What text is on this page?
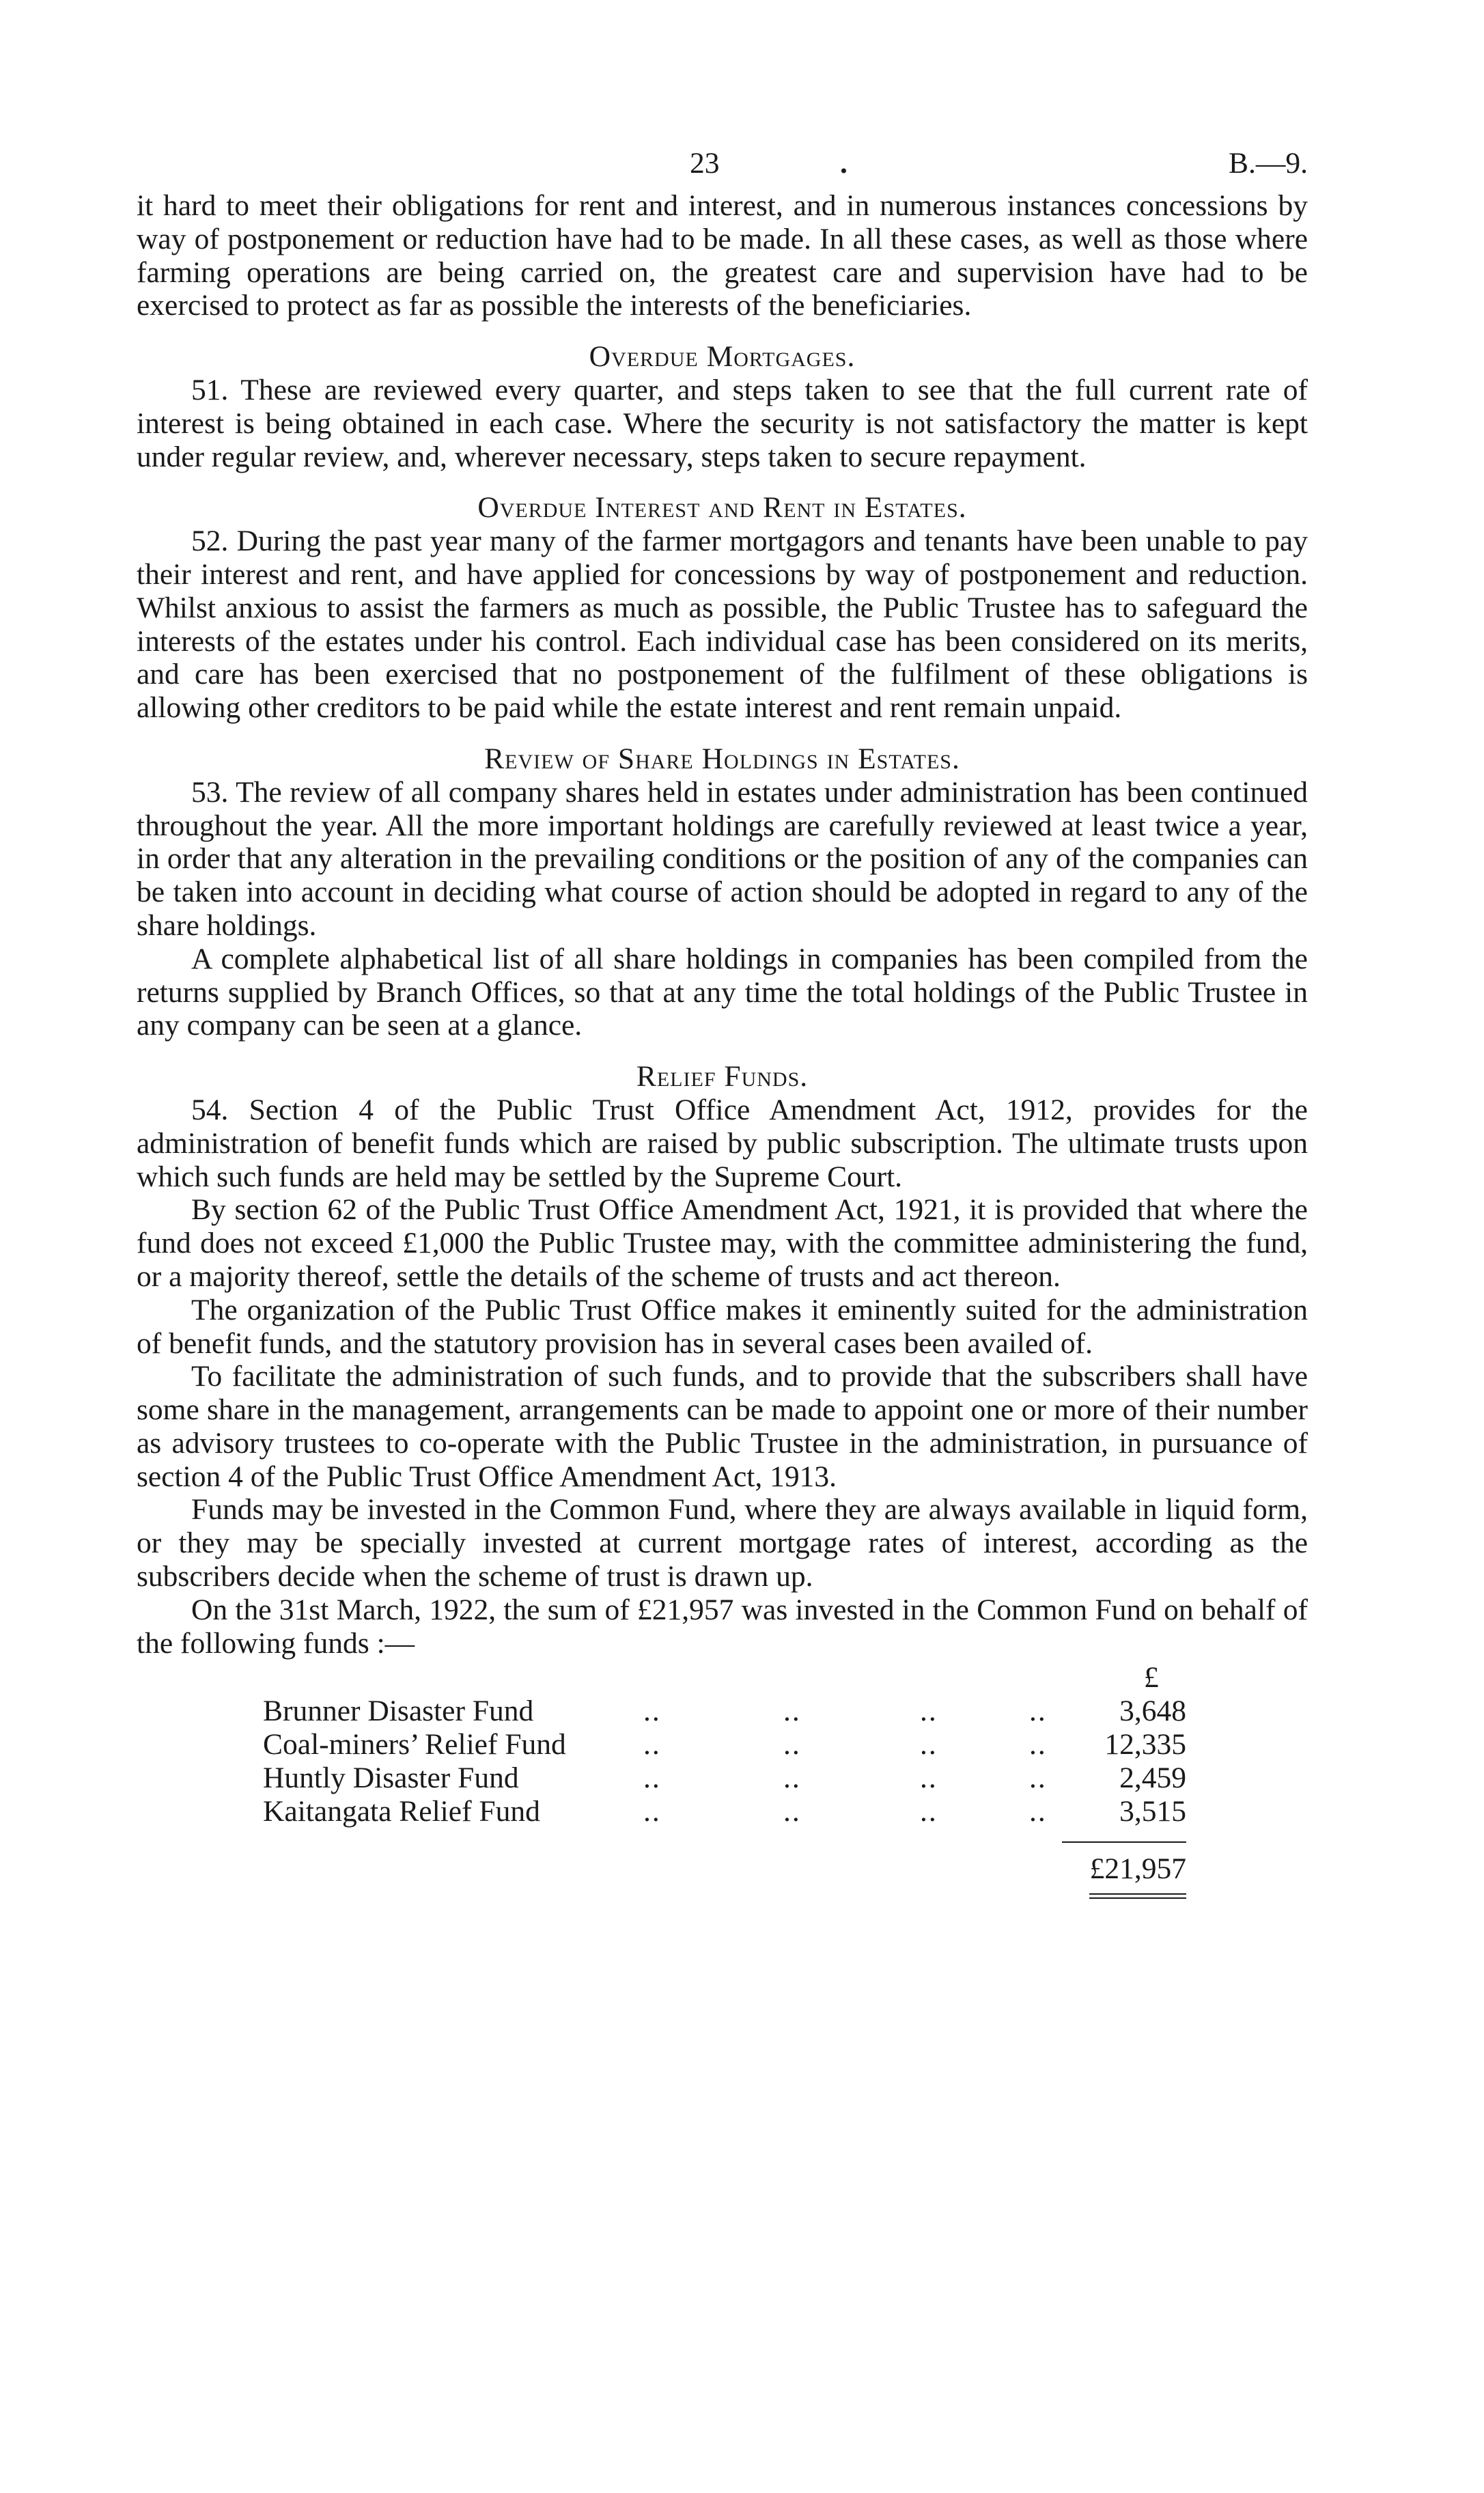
23	.	B.—9.

it hard to meet their obligations for rent and interest, and in numerous instances concessions by way of postponement or reduction have had to be made. In all these cases, as well as those where farming operations are being carried on, the greatest care and supervision have had to be exercised to protect as far as possible the interests of the beneficiaries.

Overdue Mortgages.

51. These are reviewed every quarter, and steps taken to see that the full current rate of interest is being obtained in each case. Where the security is not satisfactory the matter is kept under regular review, and, wherever necessary, steps taken to secure repayment.

Overdue Interest and Rent in Estates.

52. During the past year many of the farmer mortgagors and tenants have been unable to pay their interest and rent, and have applied for concessions by way of postponement and reduction. Whilst anxious to assist the farmers as much as possible, the Public Trustee has to safeguard the interests of the estates under his control. Each individual case has been considered on its merits, and care has been exercised that no postponement of the fulfilment of these obligations is allowing other creditors to be paid while the estate interest and rent remain unpaid.

Review of Share Holdings in Estates.

53. The review of all company shares held in estates under administration has been continued throughout the year. All the more important holdings are carefully reviewed at least twice a year, in order that any alteration in the prevailing conditions or the position of any of the companies can be taken into account in deciding what course of action should be adopted in regard to any of the share holdings.

A complete alphabetical list of all share holdings in companies has been compiled from the returns supplied by Branch Offices, so that at any time the total holdings of the Public Trustee in any company can be seen at a glance.

Relief Funds.

54. Section 4 of the Public Trust Office Amendment Act, 1912, provides for the administration of benefit funds which are raised by public subscription. The ultimate trusts upon which such funds are held may be settled by the Supreme Court.

By section 62 of the Public Trust Office Amendment Act, 1921, it is provided that where the fund does not exceed £1,000 the Public Trustee may, with the committee administering the fund, or a majority thereof, settle the details of the scheme of trusts and act thereon.

The organization of the Public Trust Office makes it eminently suited for the administration of benefit funds, and the statutory provision has in several cases been availed of.

To facilitate the administration of such funds, and to provide that the subscribers shall have some share in the management, arrangements can be made to appoint one or more of their number as advisory trustees to co-operate with the Public Trustee in the administration, in pursuance of section 4 of the Public Trust Office Amendment Act, 1913.

Funds may be invested in the Common Fund, where they are always available in liquid form, or they may be specially invested at current mortgage rates of interest, according as the subscribers decide when the scheme of trust is drawn up.

On the 31st March, 1922, the sum of £21,957 was invested in the Common Fund on behalf of the following funds :—

£
Brunner Disaster Fund	..	..	..	.. 3,648
Coal-miners’ Relief Fund	..	..	..	.. 12,335
Huntly Disaster Fund	..	..	..	.. 2,459
Kaitangata Relief Fund	..	..	..	.. 3,515
£21,957
